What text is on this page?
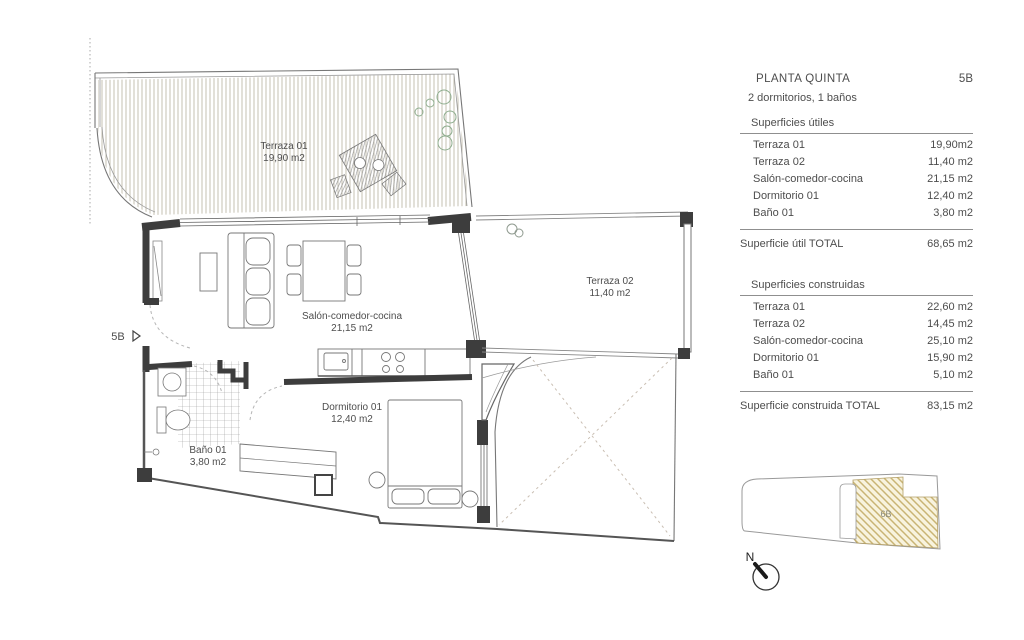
Terraza 01
19,90 m2
Salón-comedor-cocina
21,15 m2
Terraza 02
11,40 m2
Dormitorio 01
12,40 m2
Baño 01
3,80 m2
5B
6B
N
PLANTA QUINTA	5B
2 dormitorios, 1 baños
Superficies útiles
Terraza 01	19,90m2
Terraza 02	11,40 m2
Salón-comedor-cocina	21,15 m2
Dormitorio 01	12,40 m2
Baño 01	3,80 m2
Superficie útil TOTAL	68,65 m2
Superficies construidas
Terraza 01	22,60 m2
Terraza 02	14,45 m2
Salón-comedor-cocina	25,10 m2
Dormitorio 01	15,90 m2
Baño 01	5,10 m2
Superficie construida TOTAL	83,15 m2
